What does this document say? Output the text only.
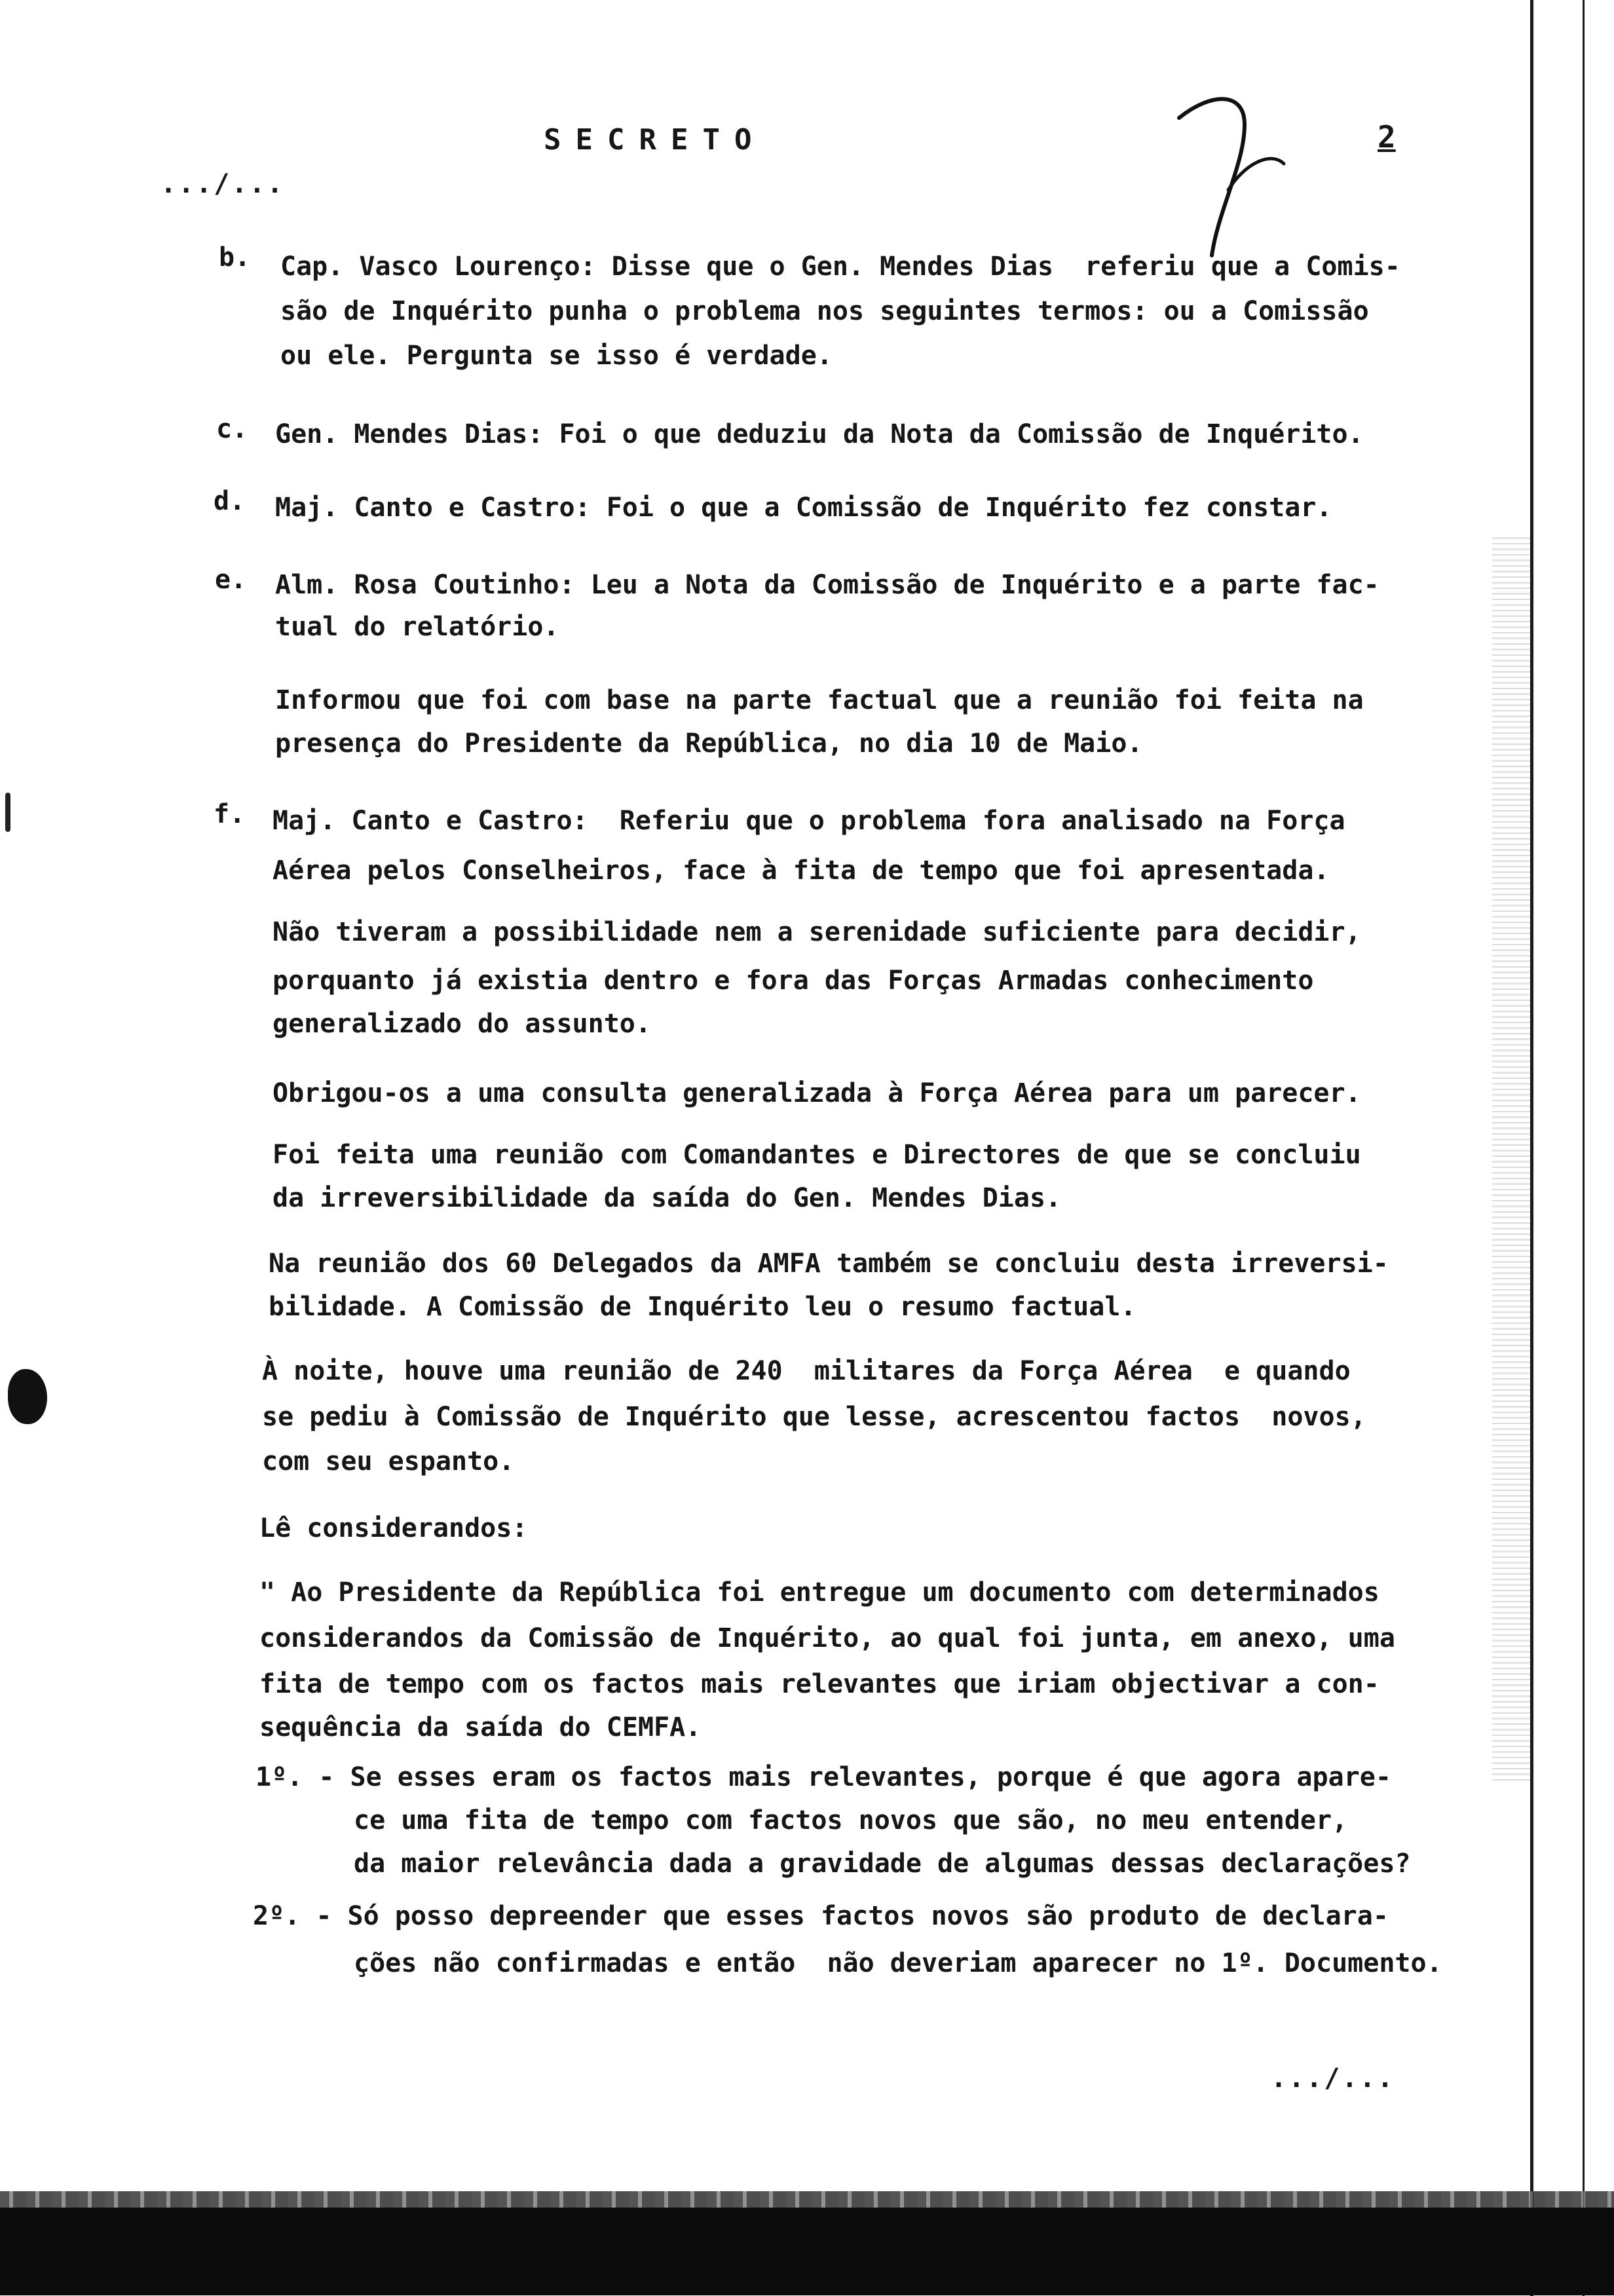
SECRETO	2
.../...
b. Cap. Vasco Lourenço: Disse que o Gen. Mendes Dias  referiu que a Comis-
são de Inquérito punha o problema nos seguintes termos: ou a Comissão
ou ele. Pergunta se isso é verdade.
c. Gen. Mendes Dias: Foi o que deduziu da Nota da Comissão de Inquérito.
d. Maj. Canto e Castro: Foi o que a Comissão de Inquérito fez constar.
e. Alm. Rosa Coutinho: Leu a Nota da Comissão de Inquérito e a parte fac-
tual do relatório.
Informou que foi com base na parte factual que a reunião foi feita na
presença do Presidente da República, no dia 10 de Maio.
f. Maj. Canto e Castro:  Referiu que o problema fora analisado na Força
Aérea pelos Conselheiros, face à fita de tempo que foi apresentada.
Não tiveram a possibilidade nem a serenidade suficiente para decidir,
porquanto já existia dentro e fora das Forças Armadas conhecimento
generalizado do assunto.
Obrigou-os a uma consulta generalizada à Força Aérea para um parecer.
Foi feita uma reunião com Comandantes e Directores de que se concluiu
da irreversibilidade da saída do Gen. Mendes Dias.
Na reunião dos 60 Delegados da AMFA também se concluiu desta irreversi-
bilidade. A Comissão de Inquérito leu o resumo factual.
À noite, houve uma reunião de 240  militares da Força Aérea  e quando
se pediu à Comissão de Inquérito que lesse, acrescentou factos  novos,
com seu espanto.
Lê considerandos:
" Ao Presidente da República foi entregue um documento com determinados
considerandos da Comissão de Inquérito, ao qual foi junta, em anexo, uma
fita de tempo com os factos mais relevantes que iriam objectivar a con-
sequência da saída do CEMFA.
1º. - Se esses eram os factos mais relevantes, porque é que agora apare-
ce uma fita de tempo com factos novos que são, no meu entender,
da maior relevância dada a gravidade de algumas dessas declarações?
2º. - Só posso depreender que esses factos novos são produto de declara-
ções não confirmadas e então  não deveriam aparecer no 1º. Documento.
.../...
